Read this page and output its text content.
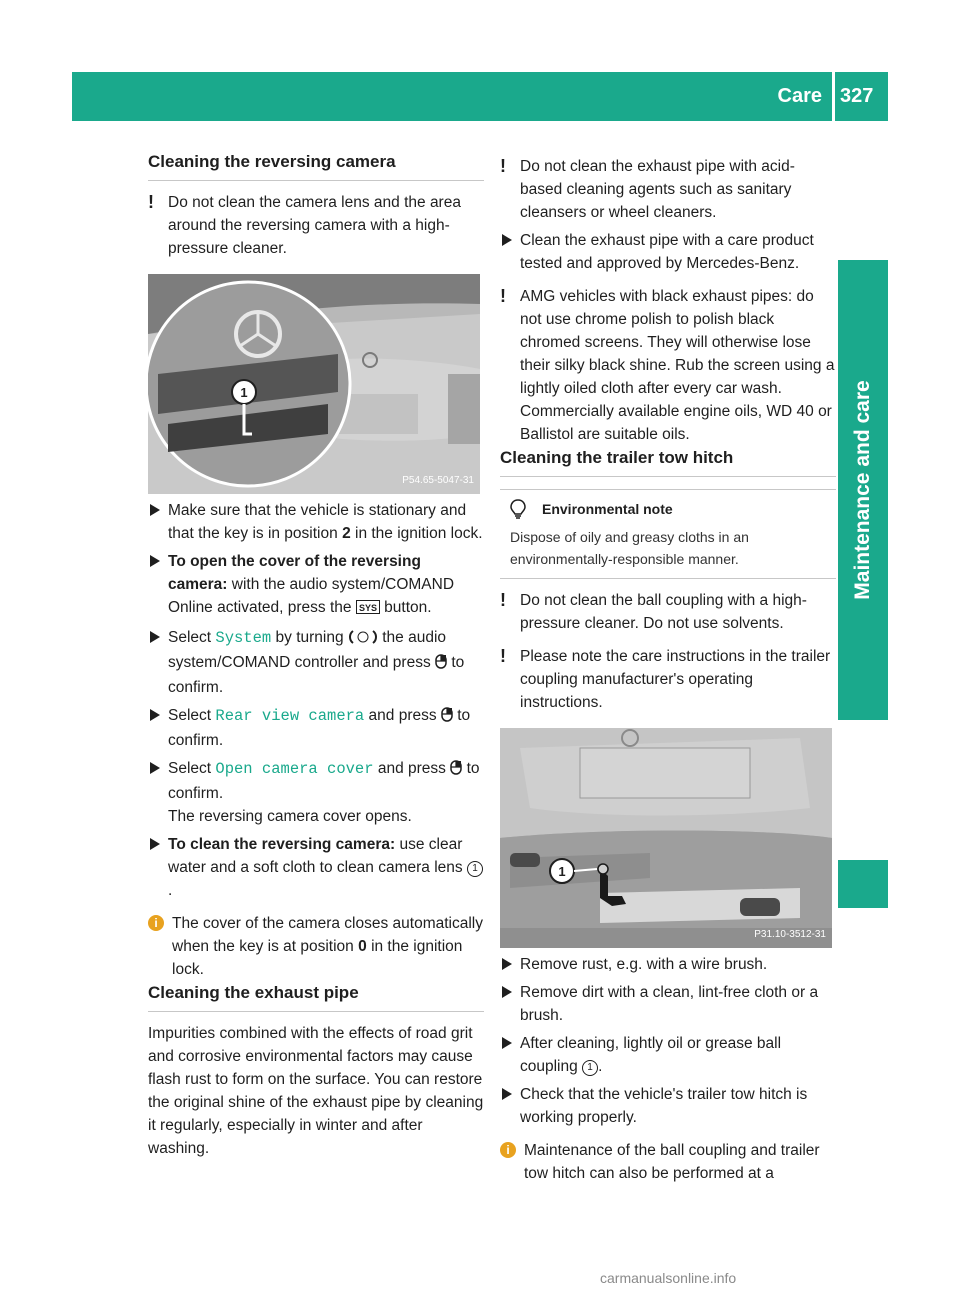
Care 327
Maintenance and care
Cleaning the reversing camera
! Do not clean the camera lens and the area around the reversing camera with a high-pressure cleaner.

1
P54.65-5047-31
Make sure that the vehicle is stationary and that the key is in position 2 in the ignition lock.
To open the cover of the reversing camera: with the audio system/COMAND Online activated, press the SYS button.
Select System by turning the audio system/COMAND controller and press to confirm.
Select Rear view camera and press to confirm.
Select Open camera cover and press to confirm.

The reversing camera cover opens.

To clean the reversing camera: use clear water and a soft cloth to clean camera lens 1.
i The cover of the camera closes automatically when the key is at position 0 in the ignition lock.
Cleaning the exhaust pipe

Impurities combined with the effects of road grit and corrosive environmental factors may cause flash rust to form on the surface. You can restore the original shine of the exhaust pipe by cleaning it regularly, especially in winter and after washing.

! Do not clean the exhaust pipe with acid-based cleaning agents such as sanitary cleansers or wheel cleaners.

Clean the exhaust pipe with a care product tested and approved by Mercedes-Benz.
! AMG vehicles with black exhaust pipes: do not use chrome polish to polish black chromed screens. They will otherwise lose their silky black shine. Rub the screen using a lightly oiled cloth after every car wash. Commercially available engine oils, WD 40 or Ballistol are suitable oils.

Cleaning the trailer tow hitch
Environmental note

Dispose of oily and greasy cloths in an environmentally-responsible manner.

! Do not clean the ball coupling with a high-pressure cleaner. Do not use solvents.

! Please note the care instructions in the trailer coupling manufacturer's operating instructions.

1
P31.10-3512-31
Remove rust, e.g. with a wire brush.
Remove dirt with a clean, lint-free cloth or a brush.
After cleaning, lightly oil or grease ball coupling 1 .
Check that the vehicle's trailer tow hitch is working properly.
i Maintenance of the ball coupling and trailer tow hitch can also be performed at a
carmanualsonline.info
